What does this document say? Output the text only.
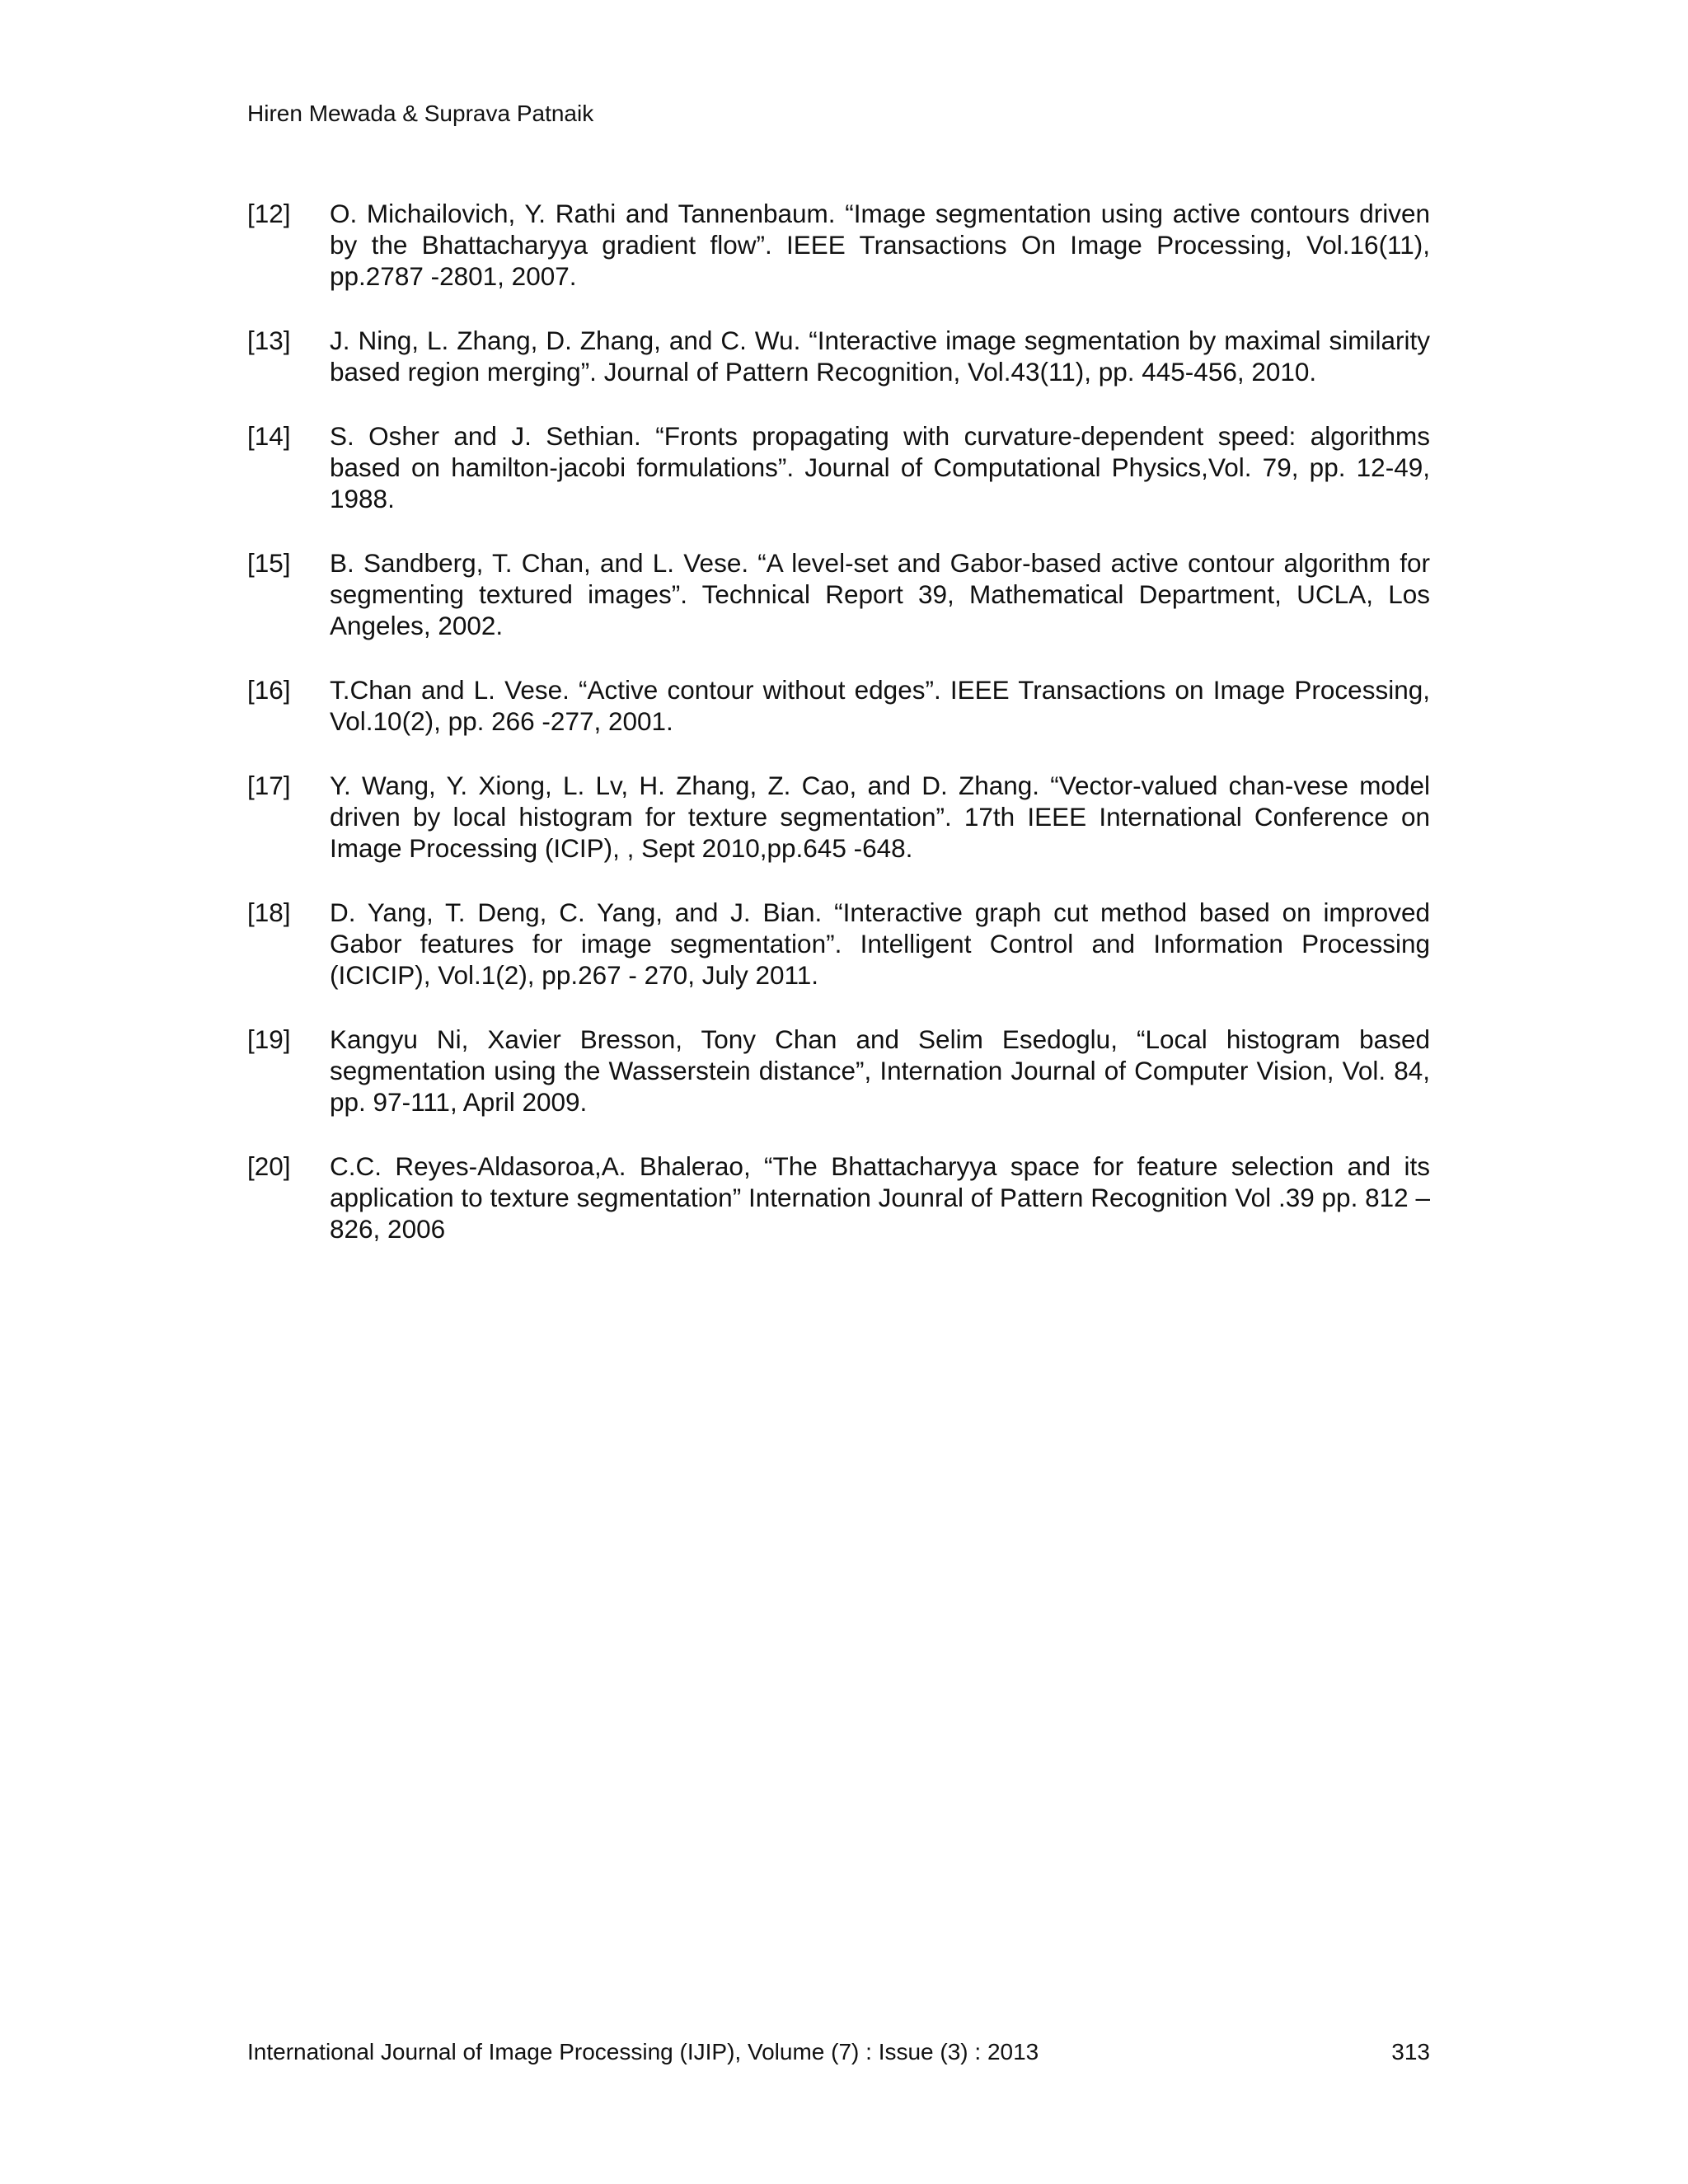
Hiren Mewada & Suprava Patnaik
[12]	O. Michailovich, Y. Rathi and Tannenbaum. “Image segmentation using active contours driven by the Bhattacharyya gradient flow”. IEEE Transactions On Image Processing, Vol.16(11), pp.2787 -2801, 2007.
[13]	J. Ning, L. Zhang, D. Zhang, and C. Wu. “Interactive image segmentation by maximal similarity based region merging”. Journal of Pattern Recognition, Vol.43(11), pp. 445-456, 2010.
[14]	S. Osher and J. Sethian. “Fronts propagating with curvature-dependent speed: algorithms based on hamilton-jacobi formulations”. Journal of Computational Physics,Vol. 79, pp. 12-49, 1988.
[15]	B. Sandberg, T. Chan, and L. Vese. “A level-set and Gabor-based active contour algorithm for segmenting textured images”. Technical Report 39, Mathematical Department, UCLA, Los Angeles, 2002.
[16]	T.Chan and L. Vese. “Active contour without edges”. IEEE Transactions on Image Processing, Vol.10(2), pp. 266 -277, 2001.
[17]	Y. Wang, Y. Xiong, L. Lv, H. Zhang, Z. Cao, and D. Zhang. “Vector-valued chan-vese model driven by local histogram for texture segmentation”. 17th IEEE International Conference on Image Processing (ICIP), , Sept 2010,pp.645 -648.
[18]	D. Yang, T. Deng, C. Yang, and J. Bian. “Interactive graph cut method based on improved Gabor features for image segmentation”. Intelligent Control and Information Processing (ICICIP), Vol.1(2), pp.267 - 270, July 2011.
[19]	Kangyu Ni, Xavier Bresson, Tony Chan and Selim Esedoglu, “Local histogram based segmentation using the Wasserstein distance”, Internation Journal of Computer Vision, Vol. 84, pp. 97-111, April 2009.
[20]	C.C. Reyes-Aldasoroa,A. Bhalerao, “The Bhattacharyya space for feature selection and its application to texture segmentation” Internation Jounral of Pattern Recognition Vol .39 pp. 812 – 826, 2006
International Journal of Image Processing (IJIP), Volume (7) : Issue (3) : 2013	313
